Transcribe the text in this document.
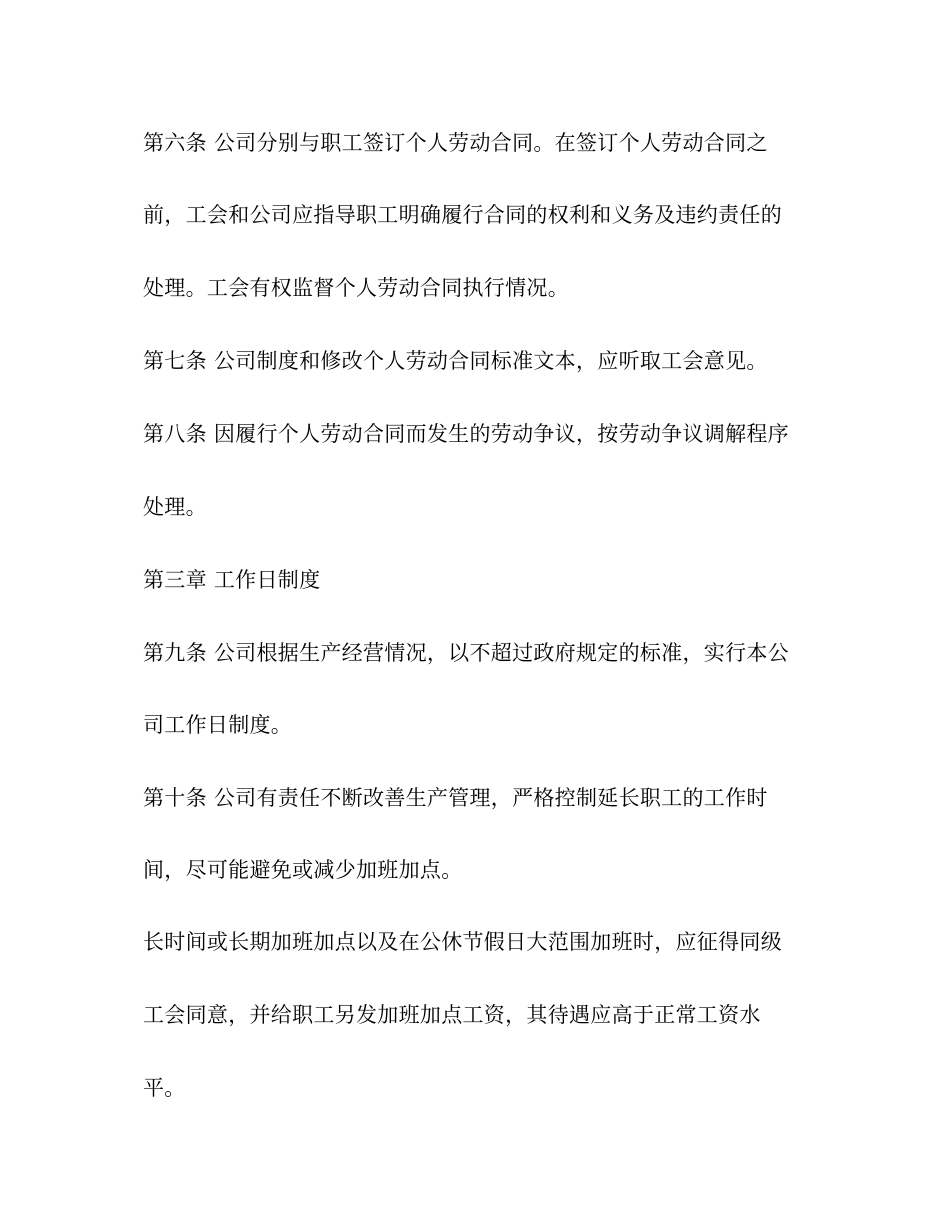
第六条 公司分别与职工签订个人劳动合同。在签订个人劳动合同之
前，工会和公司应指导职工明确履行合同的权利和义务及违约责任的
处理。工会有权监督个人劳动合同执行情况。
第七条 公司制度和修改个人劳动合同标准文本，应听取工会意见。
第八条 因履行个人劳动合同而发生的劳动争议，按劳动争议调解程序
处理。
第三章 工作日制度
第九条 公司根据生产经营情况，以不超过政府规定的标准，实行本公
司工作日制度。
第十条 公司有责任不断改善生产管理，严格控制延长职工的工作时
间，尽可能避免或减少加班加点。
长时间或长期加班加点以及在公休节假日大范围加班时，应征得同级
工会同意，并给职工另发加班加点工资，其待遇应高于正常工资水
平。
